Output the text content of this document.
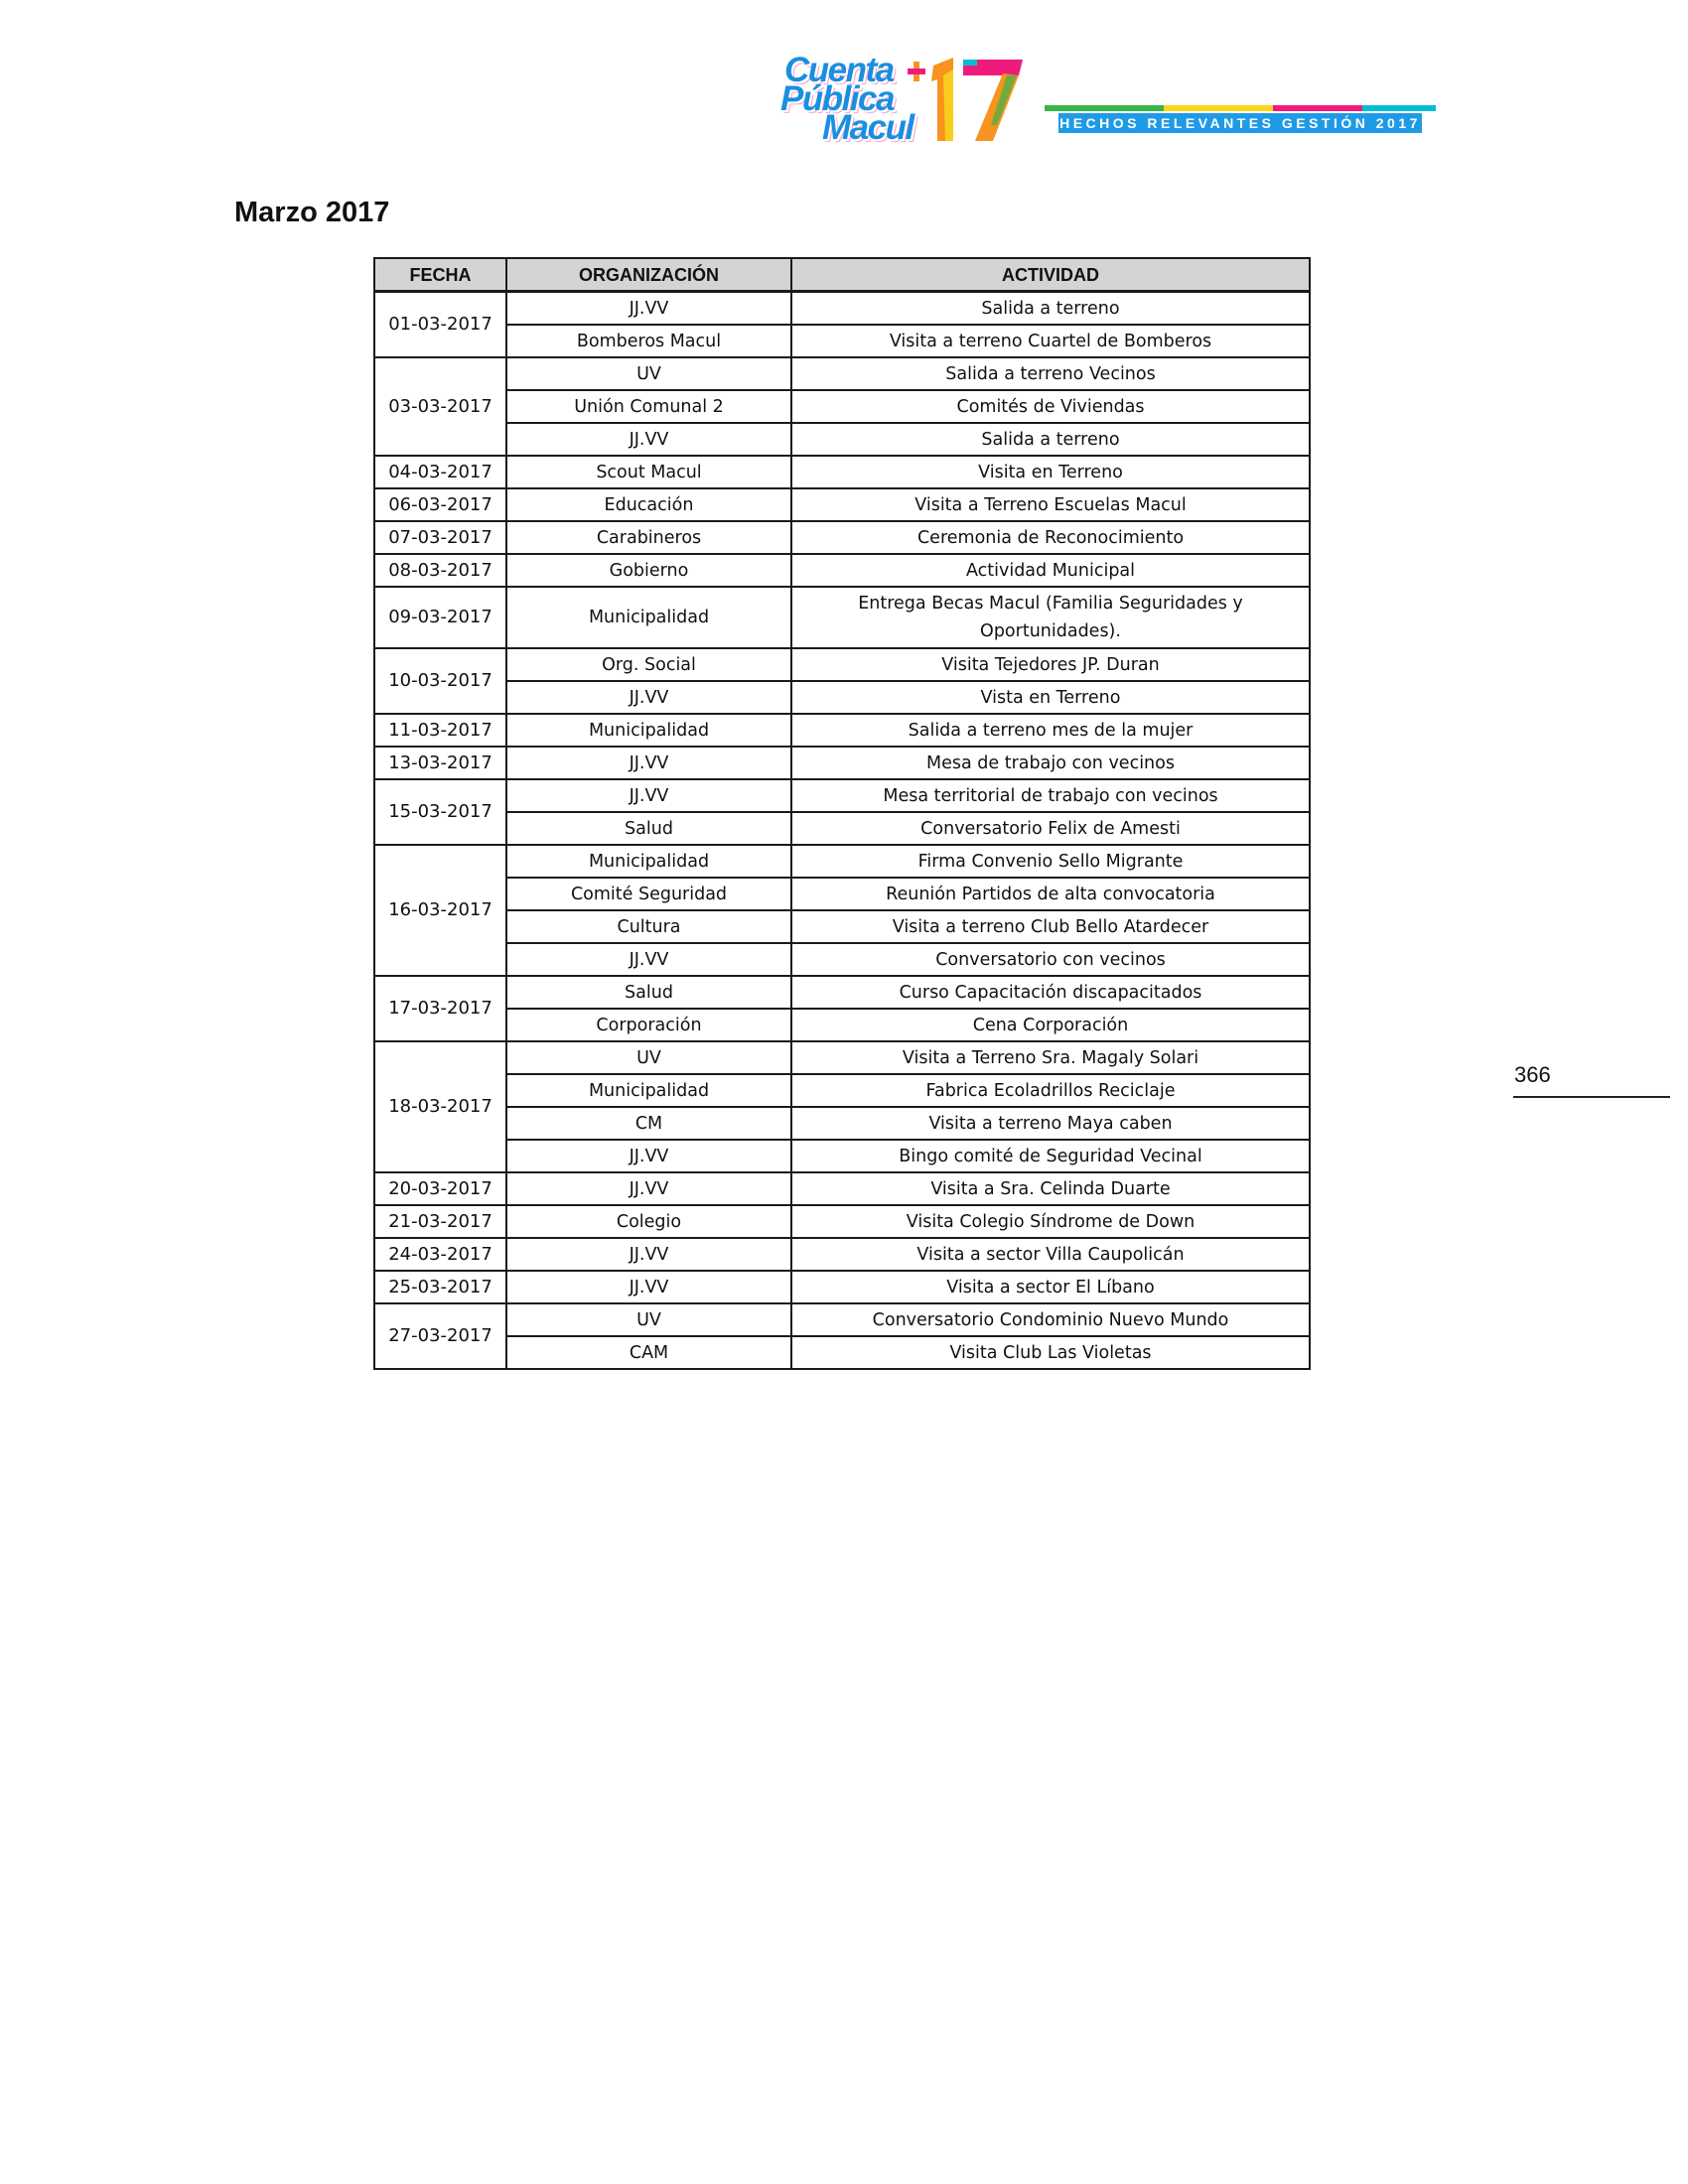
Cuenta
Pública
Macul	HECHOS RELEVANTES GESTIÓN 2017
Marzo 2017
FECHA	ORGANIZACIÓN	ACTIVIDAD
01-03-2017	JJ.VV	Salida a terreno
	Bomberos Macul	Visita a terreno Cuartel de Bomberos
03-03-2017	UV	Salida a terreno Vecinos
	Unión Comunal 2	Comités de Viviendas
	JJ.VV	Salida a terreno
04-03-2017	Scout Macul	Visita en Terreno
06-03-2017	Educación	Visita a Terreno Escuelas Macul
07-03-2017	Carabineros	Ceremonia de Reconocimiento
08-03-2017	Gobierno	Actividad Municipal
09-03-2017	Municipalidad	Entrega Becas Macul (Familia Seguridades y Oportunidades).
10-03-2017	Org. Social	Visita Tejedores JP. Duran
	JJ.VV	Vista en Terreno
11-03-2017	Municipalidad	Salida a terreno mes de la mujer
13-03-2017	JJ.VV	Mesa de trabajo con vecinos
15-03-2017	JJ.VV	Mesa territorial de trabajo con vecinos
	Salud	Conversatorio Felix de Amesti
16-03-2017	Municipalidad	Firma Convenio Sello Migrante
	Comité Seguridad	Reunión Partidos de alta convocatoria
	Cultura	Visita a terreno Club Bello Atardecer
	JJ.VV	Conversatorio con vecinos
17-03-2017	Salud	Curso Capacitación discapacitados
	Corporación	Cena Corporación
18-03-2017	UV	Visita a Terreno Sra. Magaly Solari
	Municipalidad	Fabrica Ecoladrillos Reciclaje
	CM	Visita a terreno Maya caben
	JJ.VV	Bingo comité de Seguridad Vecinal
20-03-2017	JJ.VV	Visita a Sra. Celinda Duarte
21-03-2017	Colegio	Visita Colegio Síndrome de Down
24-03-2017	JJ.VV	Visita a sector Villa Caupolicán
25-03-2017	JJ.VV	Visita a sector El Líbano
27-03-2017	UV	Conversatorio Condominio Nuevo Mundo
	CAM	Visita Club Las Violetas
366
